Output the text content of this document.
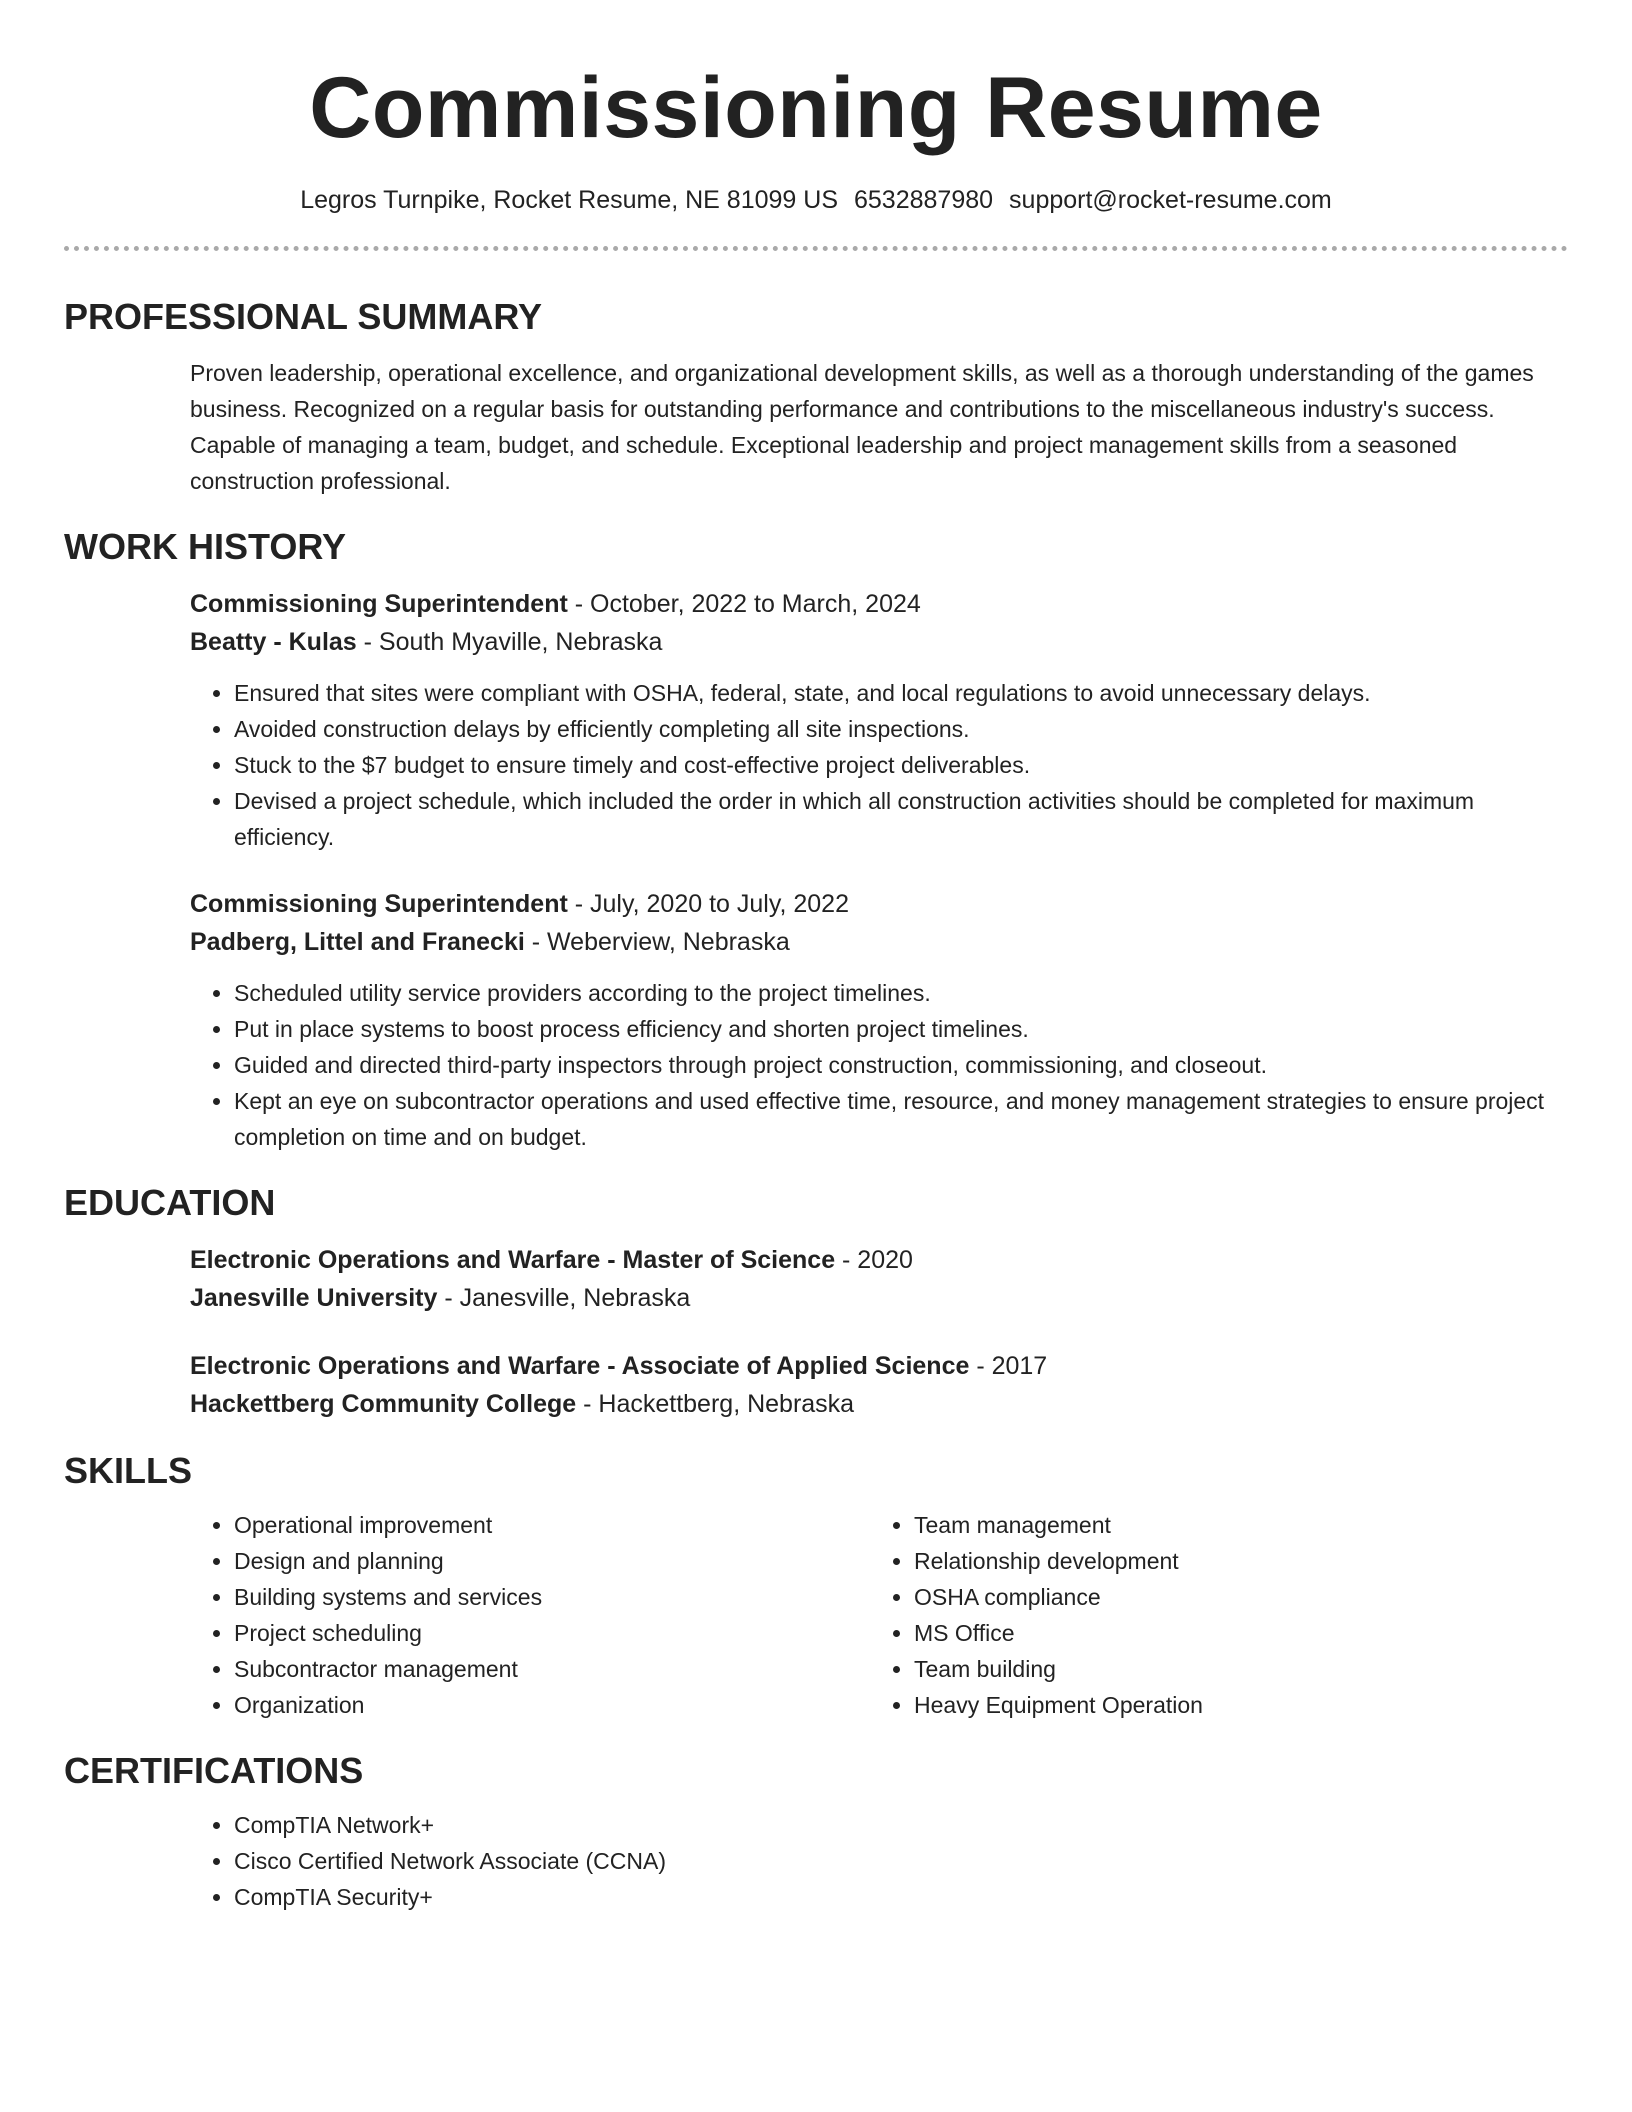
Commissioning Resume
Legros Turnpike, Rocket Resume, NE 81099 US 6532887980 support@rocket-resume.com
PROFESSIONAL SUMMARY

Proven leadership, operational excellence, and organizational development skills, as well as a thorough understanding of the games business. Recognized on a regular basis for outstanding performance and contributions to the miscellaneous industry's success. Capable of managing a team, budget, and schedule. Exceptional leadership and project management skills from a seasoned construction professional.

WORK HISTORY

Commissioning Superintendent - October, 2022 to March, 2024

Beatty - Kulas - South Myaville, Nebraska

• Ensured that sites were compliant with OSHA, federal, state, and local regulations to avoid unnecessary delays.
• Avoided construction delays by efficiently completing all site inspections.
• Stuck to the $7 budget to ensure timely and cost-effective project deliverables.
• Devised a project schedule, which included the order in which all construction activities should be completed for maximum efficiency.

Commissioning Superintendent - July, 2020 to July, 2022

Padberg, Littel and Franecki - Weberview, Nebraska

• Scheduled utility service providers according to the project timelines.
• Put in place systems to boost process efficiency and shorten project timelines.
• Guided and directed third-party inspectors through project construction, commissioning, and closeout.
• Kept an eye on subcontractor operations and used effective time, resource, and money management strategies to ensure project completion on time and on budget.
EDUCATION

Electronic Operations and Warfare - Master of Science - 2020

Janesville University - Janesville, Nebraska

Electronic Operations and Warfare - Associate of Applied Science - 2017

Hackettberg Community College - Hackettberg, Nebraska

SKILLS
• Operational improvement
• Design and planning
• Building systems and services
• Project scheduling
• Subcontractor management
• Organization
• Team management
• Relationship development
• OSHA compliance
• MS Office
• Team building
• Heavy Equipment Operation
CERTIFICATIONS
• CompTIA Network+
• Cisco Certified Network Associate (CCNA)
• CompTIA Security+
